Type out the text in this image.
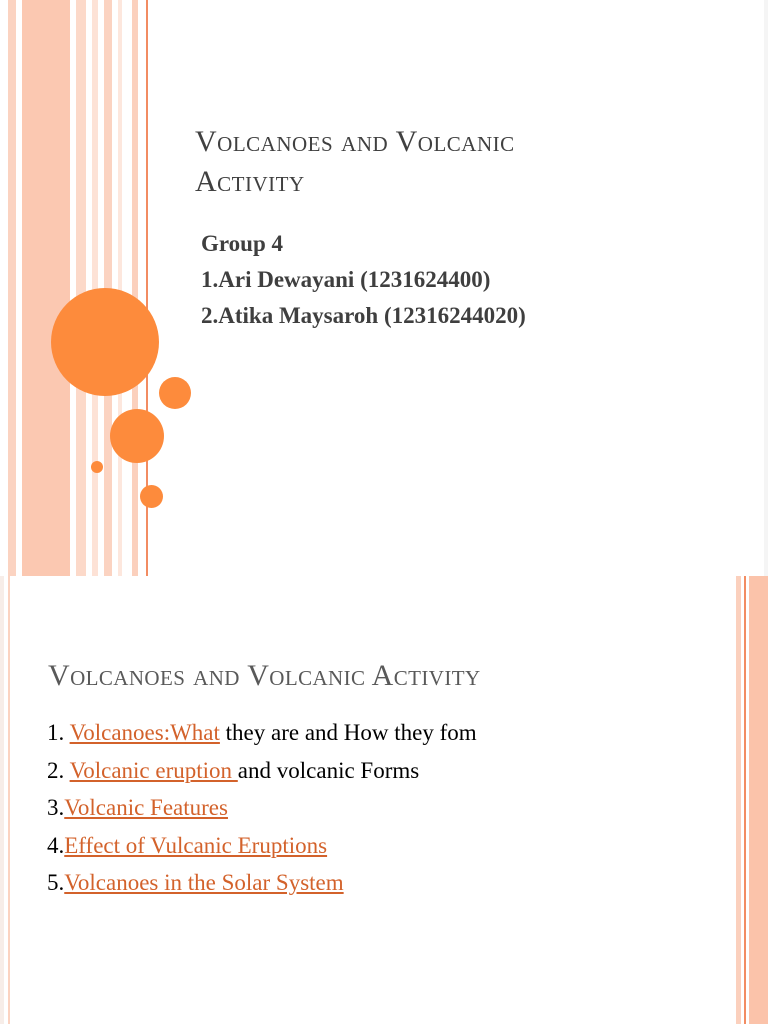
Volcanoes and Volcanic
Activity
Group 4
1.Ari Dewayani (1231624400)
2.Atika Maysaroh (12316244020)
Volcanoes and Volcanic Activity
1. Volcanoes:What they are and How they fom
2. Volcanic eruption and volcanic Forms
3.Volcanic Features
4.Effect of Vulcanic Eruptions
5.Volcanoes in the Solar System
